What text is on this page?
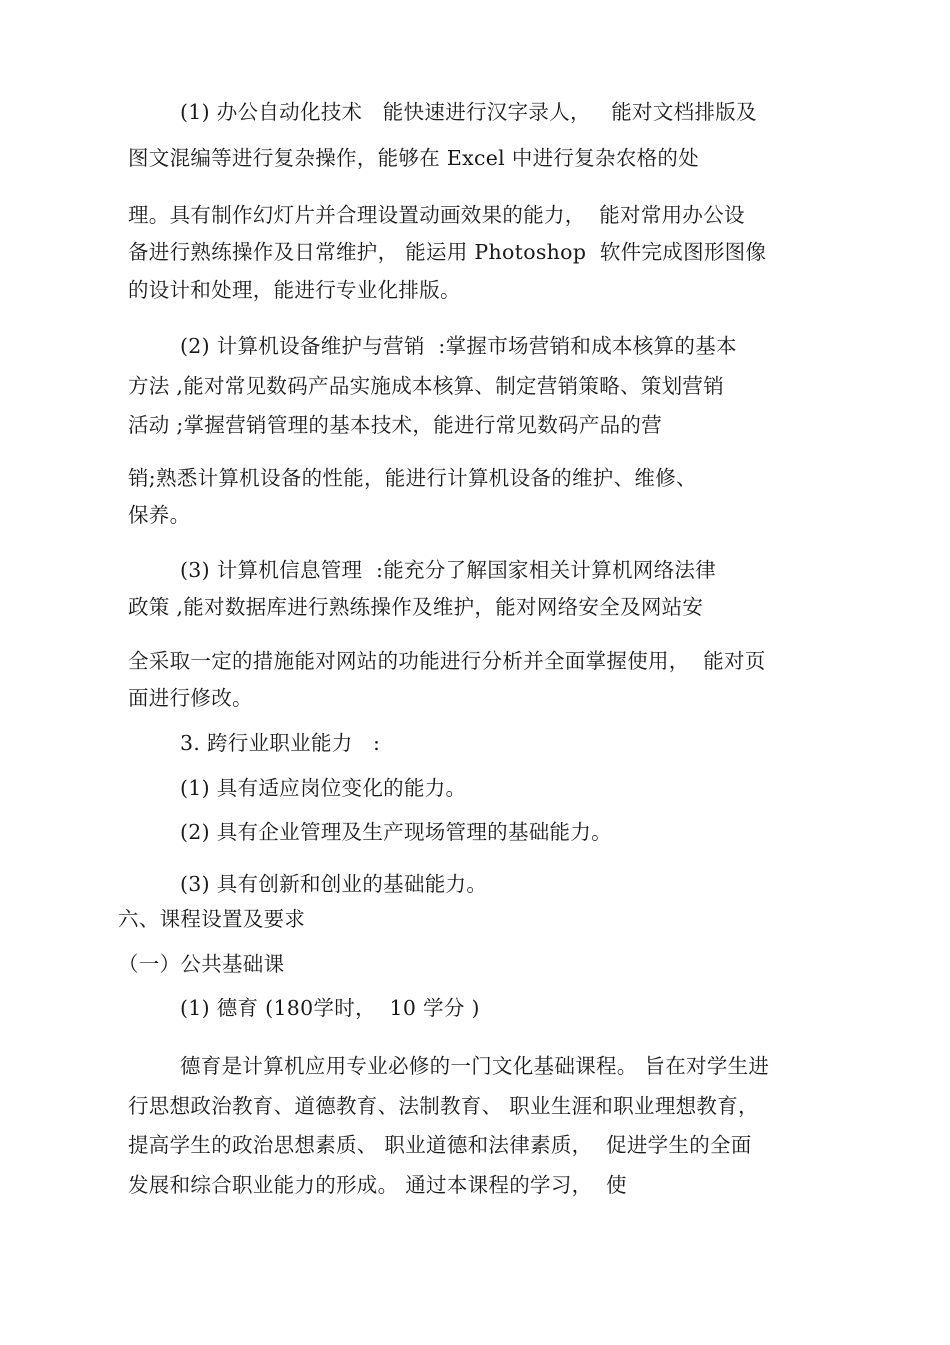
(1) 办公自动化技术   能快速进行汉字录人，   能对文档排版及
图文混编等进行复杂操作，能够在 Excel 中进行复杂农格的处
理。具有制作幻灯片并合理设置动画效果的能力，  能对常用办公设
备进行熟练操作及日常维护， 能运用 Photoshop  软件完成图形图像
的设计和处理，能进行专业化排版。
(2) 计算机设备维护与营销  :掌握市场营销和成本核算的基本
方法 ,能对常见数码产品实施成本核算、制定营销策略、策划营销
活动 ;掌握营销管理的基本技术，能进行常见数码产品的营
销;熟悉计算机设备的性能，能进行计算机设备的维护、维修、
保养。
(3) 计算机信息管理  :能充分了解国家相关计算机网络法律
政策 ,能对数据库进行熟练操作及维护，能对网络安全及网站安
全采取一定的措施能对网站的功能进行分析并全面掌握使用，  能对页
面进行修改。
3. 跨行业职业能力   :
(1) 具有适应岗位变化的能力。
(2) 具有企业管理及生产现场管理的基础能力。
(3) 具有创新和创业的基础能力。
六、课程设置及要求
（一）公共基础课
(1) 德育 (180学时，  10 学分 )
德育是计算机应用专业必修的一门文化基础课程。 旨在对学生进
行思想政治教育、道德教育、法制教育、 职业生涯和职业理想教育，
提高学生的政治思想素质、 职业道德和法律素质，  促进学生的全面
发展和综合职业能力的形成。 通过本课程的学习，  使
